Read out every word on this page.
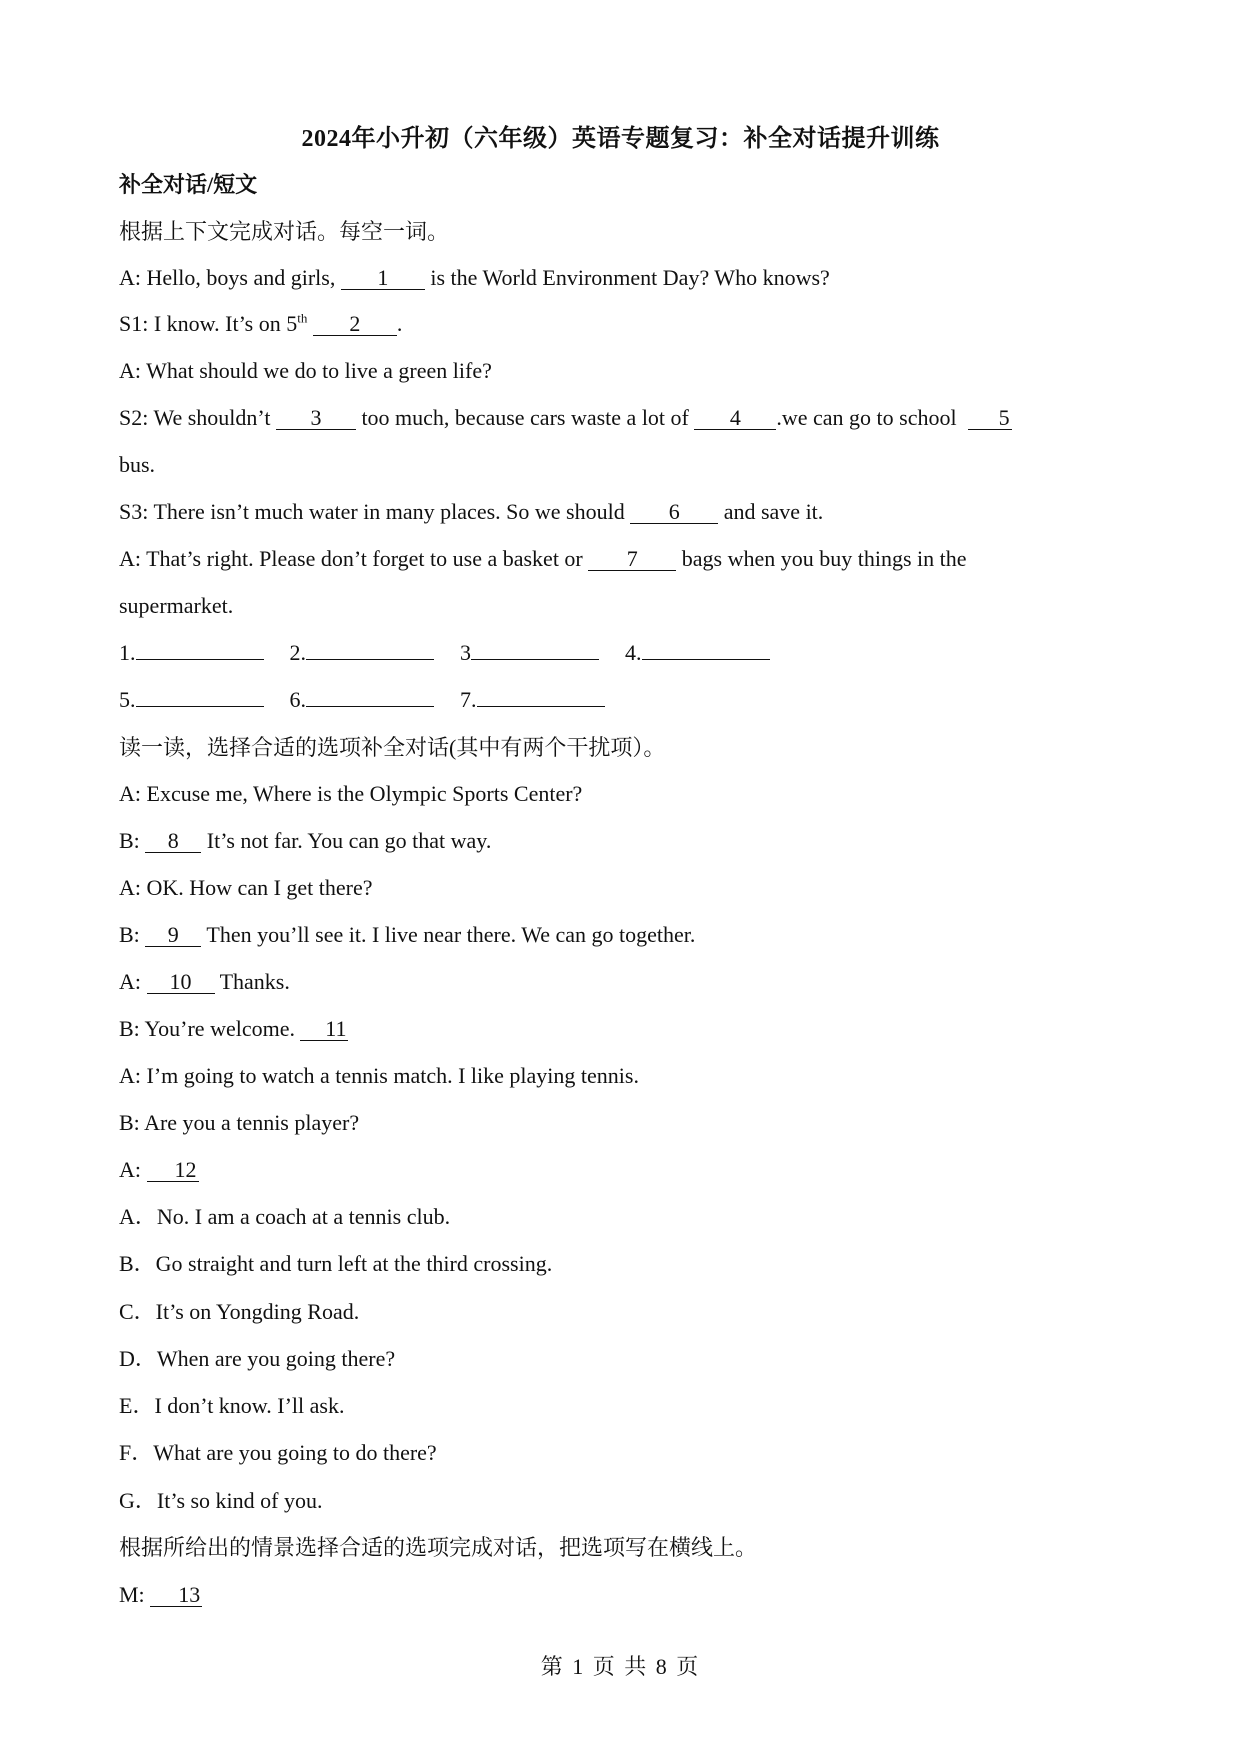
2024年小升初（六年级）英语专题复习：补全对话提升训练
补全对话/短文
根据上下文完成对话。每空一词。
A: Hello, boys and girls, 1 is the World Environment Day? Who knows?
S1: I know. It’s on 5th 2 .
A: What should we do to live a green life?
S2: We shouldn’t 3 too much, because cars waste a lot of 4 .we can go to school  5
bus.
S3: There isn’t much water in many places. So we should 6 and save it.
A: That’s right. Please don’t forget to use a basket or 7 bags when you buy things in the
supermarket.
1.	2.	3	4.
5.	6.	7.
读一读，选择合适的选项补全对话(其中有两个干扰项）。
A: Excuse me, Where is the Olympic Sports Center?
B: 8 It’s not far. You can go that way.
A: OK. How can I get there?
B: 9 Then you’ll see it. I live near there. We can go together.
A: 10 Thanks.
B: You’re welcome. 11
A: I’m going to watch a tennis match. I like playing tennis.
B: Are you a tennis player?
A: 12
A．No. I am a coach at a tennis club.
B．Go straight and turn left at the third crossing.
C．It’s on Yongding Road.
D．When are you going there?
E．I don’t know. I’ll ask.
F．What are you going to do there?
G．It’s so kind of you.
根据所给出的情景选择合适的选项完成对话，把选项写在横线上。
M: 13
第 1 页 共 8 页
